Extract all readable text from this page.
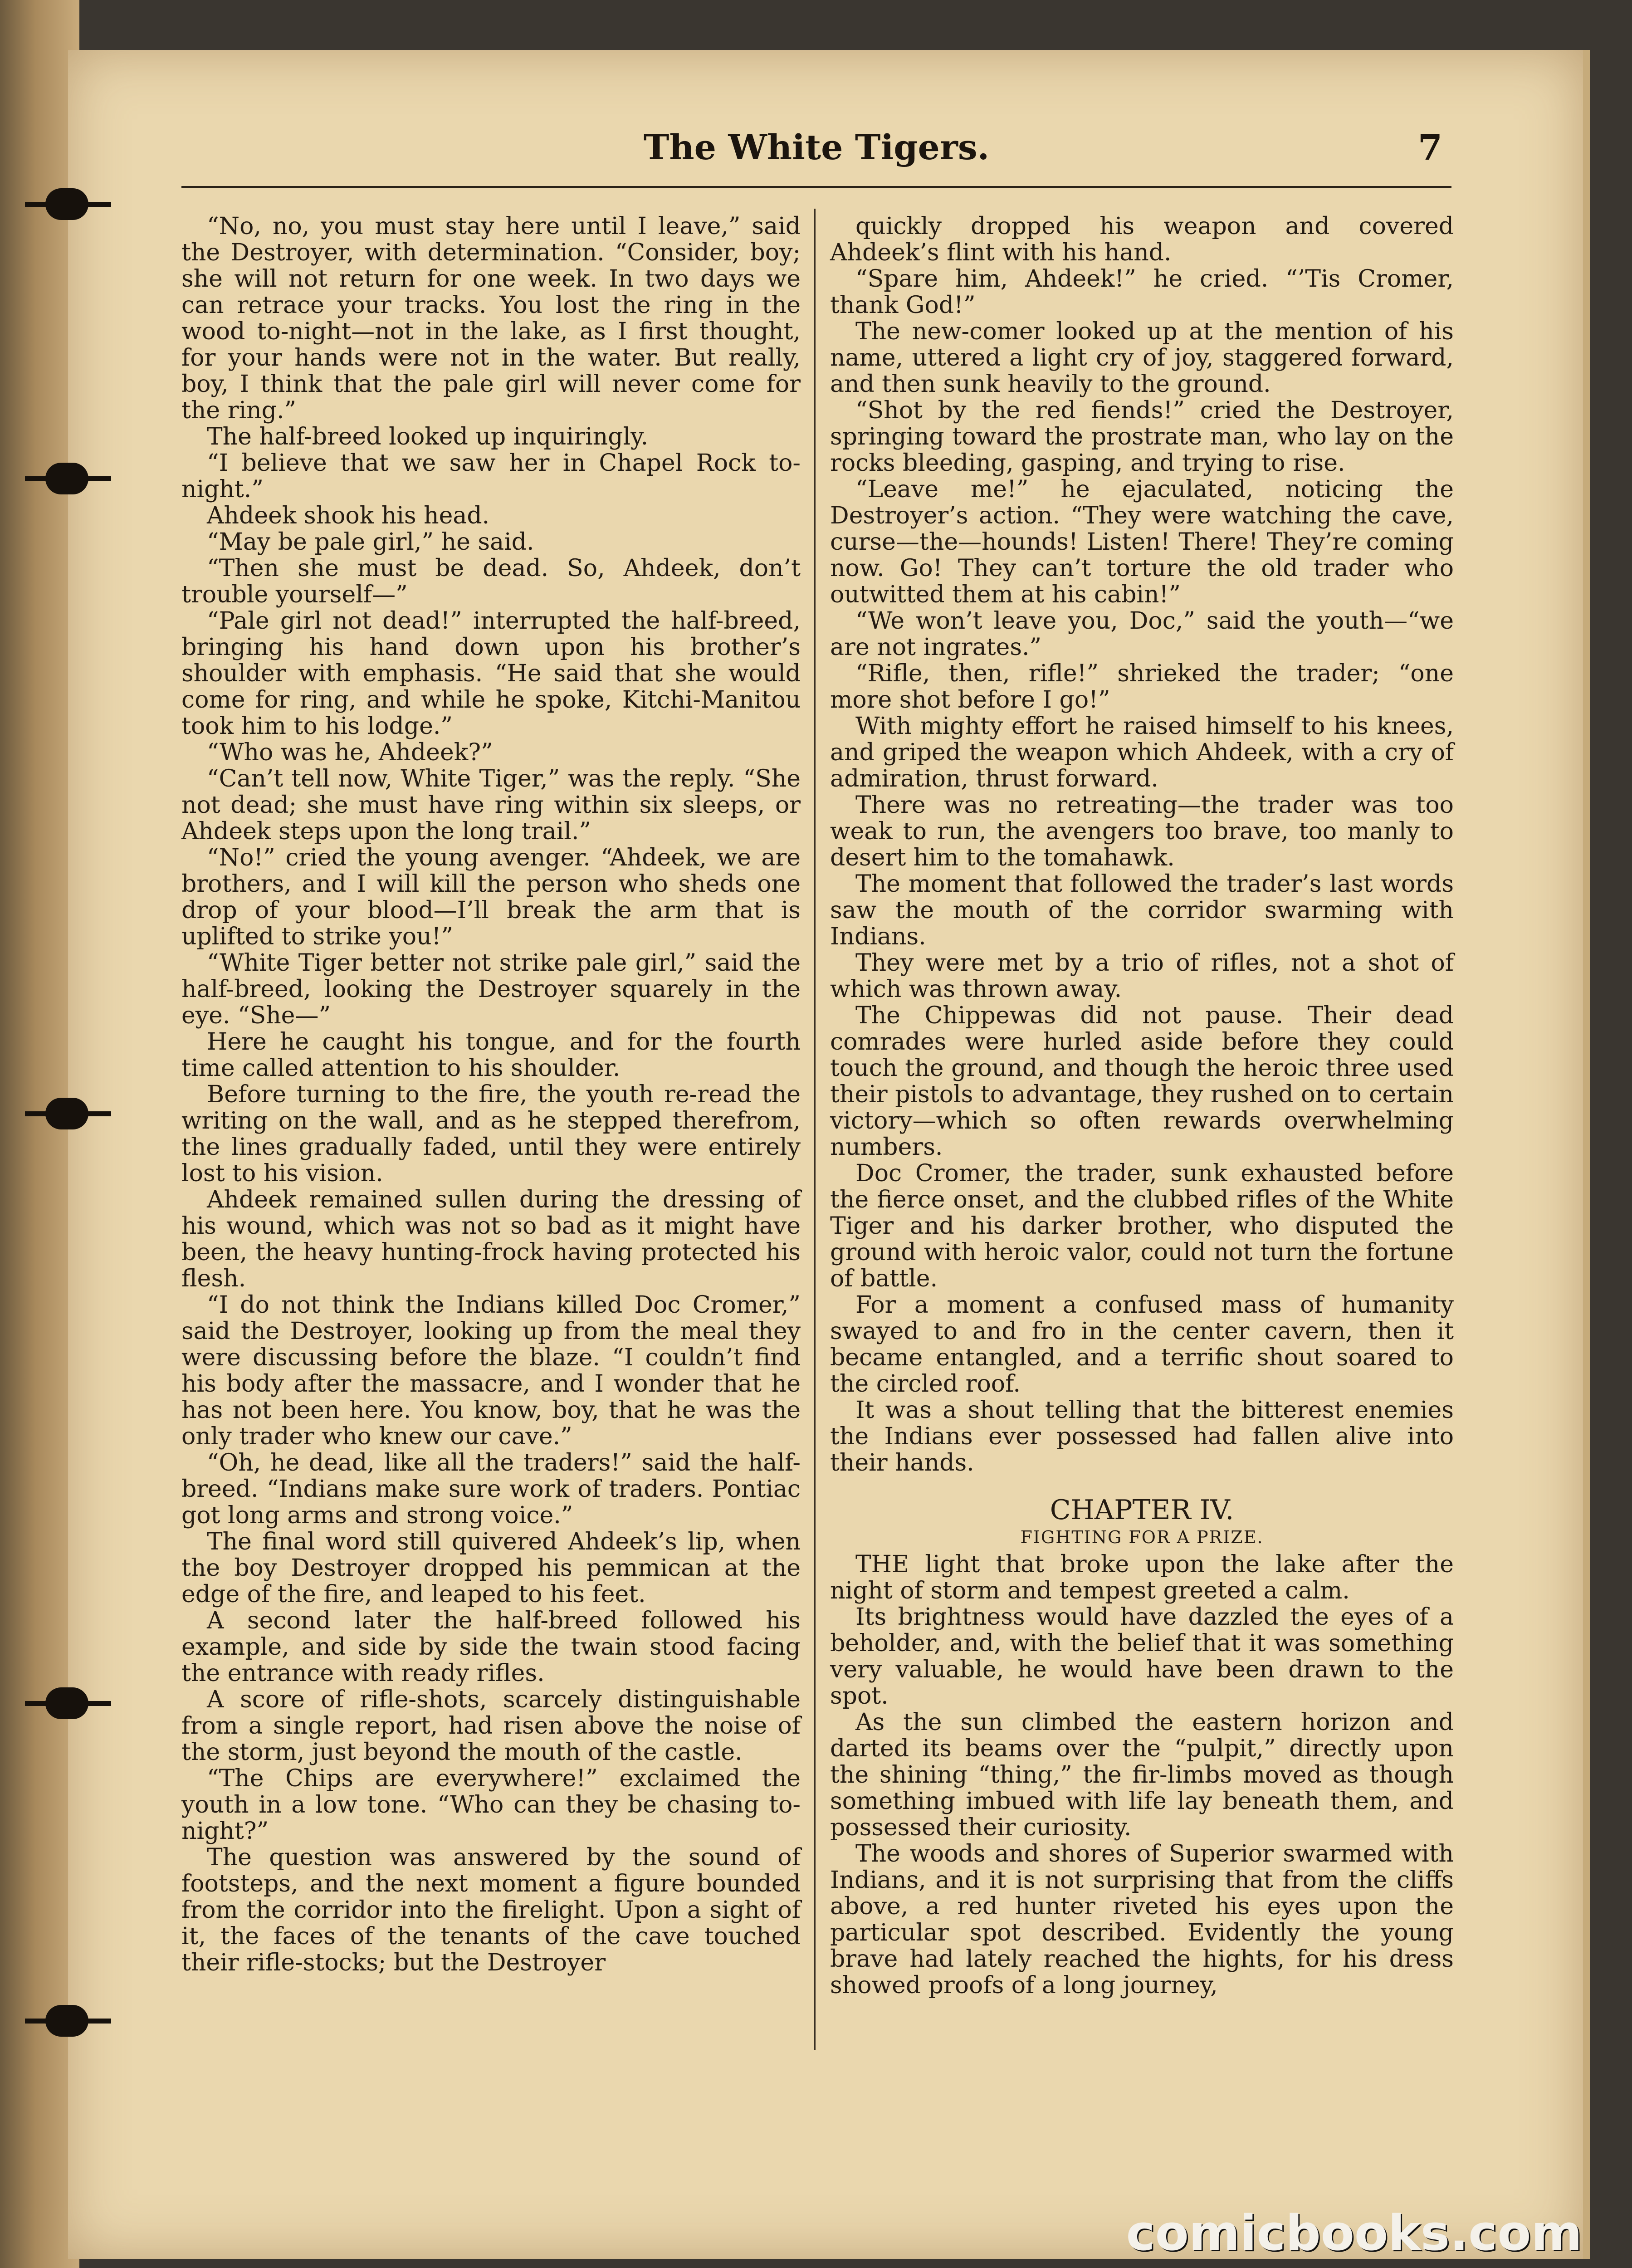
The White Tigers.	7

“No, no, you must stay here until I leave,” said the Destroyer, with determination. “Consider, boy; she will not return for one week. In two days we can retrace your tracks. You lost the ring in the wood to-night—not in the lake, as I first thought, for your hands were not in the water. But really, boy, I think that the pale girl will never come for the ring.”

The half-breed looked up inquiringly.

“I believe that we saw her in Chapel Rock to-night.”

Ahdeek shook his head.

“May be pale girl,” he said.

“Then she must be dead. So, Ahdeek, don’t trouble yourself—”

“Pale girl not dead!” interrupted the half-breed, bringing his hand down upon his brother’s shoulder with emphasis. “He said that she would come for ring, and while he spoke, Kitchi-Manitou took him to his lodge.”

“Who was he, Ahdeek?”

“Can’t tell now, White Tiger,” was the reply. “She not dead; she must have ring within six sleeps, or Ahdeek steps upon the long trail.”

“No!” cried the young avenger. “Ahdeek, we are brothers, and I will kill the person who sheds one drop of your blood—I’ll break the arm that is uplifted to strike you!”

“White Tiger better not strike pale girl,” said the half-breed, looking the Destroyer squarely in the eye. “She—”

Here he caught his tongue, and for the fourth time called attention to his shoulder.

Before turning to the fire, the youth re-read the writing on the wall, and as he stepped therefrom, the lines gradually faded, until they were entirely lost to his vision.

Ahdeek remained sullen during the dressing of his wound, which was not so bad as it might have been, the heavy hunting-frock having protected his flesh.

“I do not think the Indians killed Doc Cromer,” said the Destroyer, looking up from the meal they were discussing before the blaze. “I couldn’t find his body after the massacre, and I wonder that he has not been here. You know, boy, that he was the only trader who knew our cave.”

“Oh, he dead, like all the traders!” said the half-breed. “Indians make sure work of traders. Pontiac got long arms and strong voice.”

The final word still quivered Ahdeek’s lip, when the boy Destroyer dropped his pemmican at the edge of the fire, and leaped to his feet.

A second later the half-breed followed his example, and side by side the twain stood facing the entrance with ready rifles.

A score of rifle-shots, scarcely distinguishable from a single report, had risen above the noise of the storm, just beyond the mouth of the castle.

“The Chips are everywhere!” exclaimed the youth in a low tone. “Who can they be chasing to-night?”

The question was answered by the sound of footsteps, and the next moment a figure bounded from the corridor into the firelight. Upon a sight of it, the faces of the tenants of the cave touched their rifle-stocks; but the Destroyer

quickly dropped his weapon and covered Ahdeek’s flint with his hand.

“Spare him, Ahdeek!” he cried. “’Tis Cromer, thank God!”

The new-comer looked up at the mention of his name, uttered a light cry of joy, staggered forward, and then sunk heavily to the ground.

“Shot by the red fiends!” cried the Destroyer, springing toward the prostrate man, who lay on the rocks bleeding, gasping, and trying to rise.

“Leave me!” he ejaculated, noticing the Destroyer’s action. “They were watching the cave, curse—the—hounds! Listen! There! They’re coming now. Go! They can’t torture the old trader who outwitted them at his cabin!”

“We won’t leave you, Doc,” said the youth—“we are not ingrates.”

“Rifle, then, rifle!” shrieked the trader; “one more shot before I go!”

With mighty effort he raised himself to his knees, and griped the weapon which Ahdeek, with a cry of admiration, thrust forward.

There was no retreating—the trader was too weak to run, the avengers too brave, too manly to desert him to the tomahawk.

The moment that followed the trader’s last words saw the mouth of the corridor swarming with Indians.

They were met by a trio of rifles, not a shot of which was thrown away.

The Chippewas did not pause. Their dead comrades were hurled aside before they could touch the ground, and though the heroic three used their pistols to advantage, they rushed on to certain victory—which so often rewards overwhelming numbers.

Doc Cromer, the trader, sunk exhausted before the fierce onset, and the clubbed rifles of the White Tiger and his darker brother, who disputed the ground with heroic valor, could not turn the fortune of battle.

For a moment a confused mass of humanity swayed to and fro in the center cavern, then it became entangled, and a terrific shout soared to the circled roof.

It was a shout telling that the bitterest enemies the Indians ever possessed had fallen alive into their hands.

CHAPTER IV.
FIGHTING FOR A PRIZE.

THE light that broke upon the lake after the night of storm and tempest greeted a calm.

Its brightness would have dazzled the eyes of a beholder, and, with the belief that it was something very valuable, he would have been drawn to the spot.

As the sun climbed the eastern horizon and darted its beams over the “pulpit,” directly upon the shining “thing,” the fir-limbs moved as though something imbued with life lay beneath them, and possessed their curiosity.

The woods and shores of Superior swarmed with Indians, and it is not surprising that from the cliffs above, a red hunter riveted his eyes upon the particular spot described. Evidently the young brave had lately reached the hights, for his dress showed proofs of a long journey,

comicbooks.com
